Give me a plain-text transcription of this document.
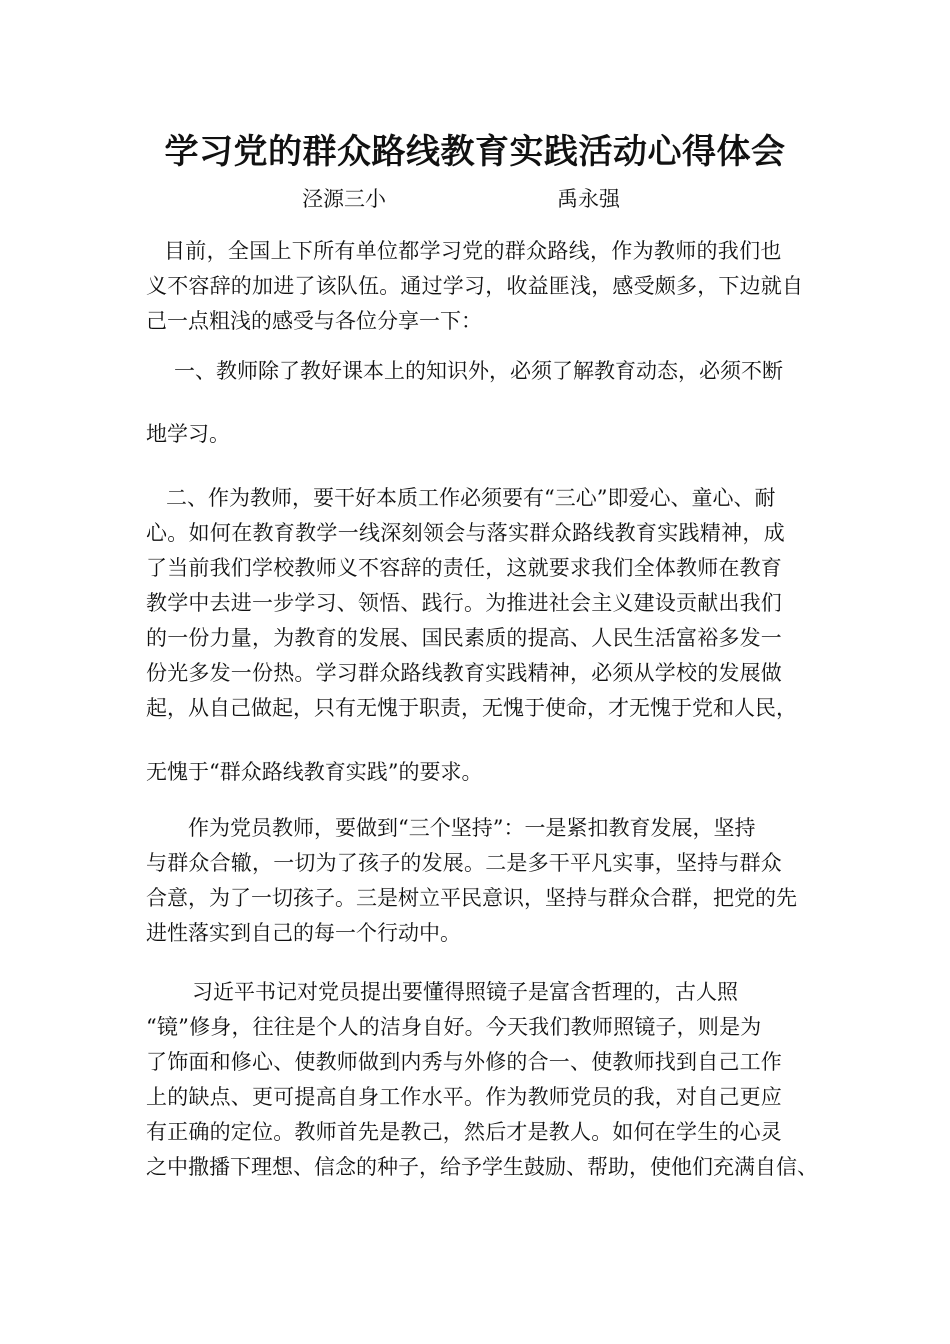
学习党的群众路线教育实践活动心得体会
泾源三小	禹永强
目前，全国上下所有单位都学习党的群众路线，作为教师的我们也
义不容辞的加进了该队伍。通过学习，收益匪浅，感受颇多，下边就自
己一点粗浅的感受与各位分享一下：
一、教师除了教好课本上的知识外，必须了解教育动态，必须不断
地学习。
二、作为教师，要干好本质工作必须要有“三心”即爱心、童心、耐
心。如何在教育教学一线深刻领会与落实群众路线教育实践精神，成
了当前我们学校教师义不容辞的责任，这就要求我们全体教师在教育
教学中去进一步学习、领悟、践行。为推进社会主义建设贡献出我们
的一份力量，为教育的发展、国民素质的提高、人民生活富裕多发一
份光多发一份热。学习群众路线教育实践精神，必须从学校的发展做
起，从自己做起，只有无愧于职责，无愧于使命，才无愧于党和人民，
无愧于“群众路线教育实践”的要求。
作为党员教师，要做到“三个坚持”：一是紧扣教育发展，坚持
与群众合辙，一切为了孩子的发展。二是多干平凡实事，坚持与群众
合意，为了一切孩子。三是树立平民意识，坚持与群众合群，把党的先
进性落实到自己的每一个行动中。
习近平书记对党员提出要懂得照镜子是富含哲理的，古人照
“镜”修身，往往是个人的洁身自好。今天我们教师照镜子，则是为
了饰面和修心、使教师做到内秀与外修的合一、使教师找到自己工作
上的缺点、更可提高自身工作水平。作为教师党员的我，对自己更应
有正确的定位。教师首先是教己，然后才是教人。如何在学生的心灵
之中撒播下理想、信念的种子，给予学生鼓励、帮助，使他们充满自信、
